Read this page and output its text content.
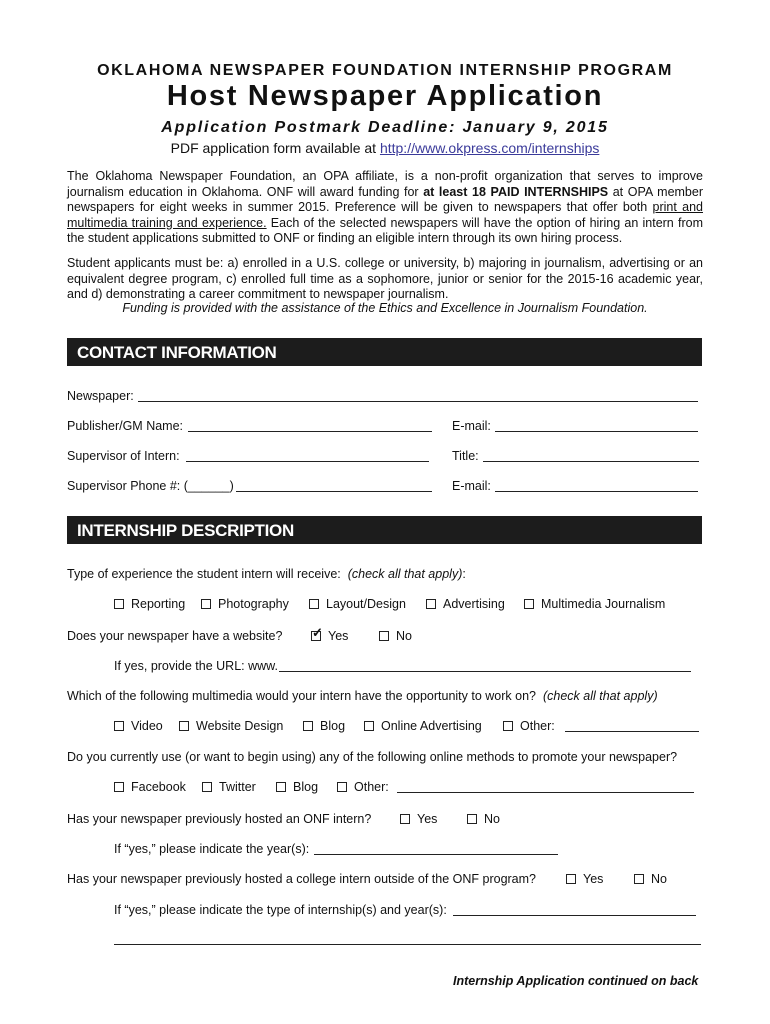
OKLAHOMA NEWSPAPER FOUNDATION INTERNSHIP PROGRAM
Host Newspaper Application
Application Postmark Deadline: January 9, 2015
PDF application form available at http://www.okpress.com/internships
The Oklahoma Newspaper Foundation, an OPA affiliate, is a non-profit organization that serves to improve journalism education in Oklahoma. ONF will award funding for at least 18 PAID INTERNSHIPS at OPA member newspapers for eight weeks in summer 2015. Preference will be given to newspapers that offer both print and multimedia training and experience. Each of the selected newspapers will have the option of hiring an intern from the student applications submitted to ONF or finding an eligible intern through its own hiring process.
Student applicants must be: a) enrolled in a U.S. college or university, b) majoring in journalism, advertising or an equivalent degree program, c) enrolled full time as a sophomore, junior or senior for the 2015-16 academic year, and d) demonstrating a career commitment to newspaper journalism.
Funding is provided with the assistance of the Ethics and Excellence in Journalism Foundation.
CONTACT INFORMATION
Newspaper:
Publisher/GM Name:	E-mail:
Supervisor of Intern:	Title:
Supervisor Phone #: (______)	E-mail:
INTERNSHIP DESCRIPTION
Type of experience the student intern will receive: (check all that apply):
Reporting	Photography	Layout/Design	Advertising	Multimedia Journalism
Does your newspaper have a website? ✓	Yes	No
If yes, provide the URL: www.
Which of the following multimedia would your intern have the opportunity to work on? (check all that apply)
Video	Website Design	Blog	Online Advertising	Other:
Do you currently use (or want to begin using) any of the following online methods to promote your newspaper?
Facebook	Twitter	Blog	Other:
Has your newspaper previously hosted an ONF intern?	Yes	No
If “yes,” please indicate the year(s):
Has your newspaper previously hosted a college intern outside of the ONF program?	Yes	No
If “yes,” please indicate the type of internship(s) and year(s):
Internship Application continued on back
